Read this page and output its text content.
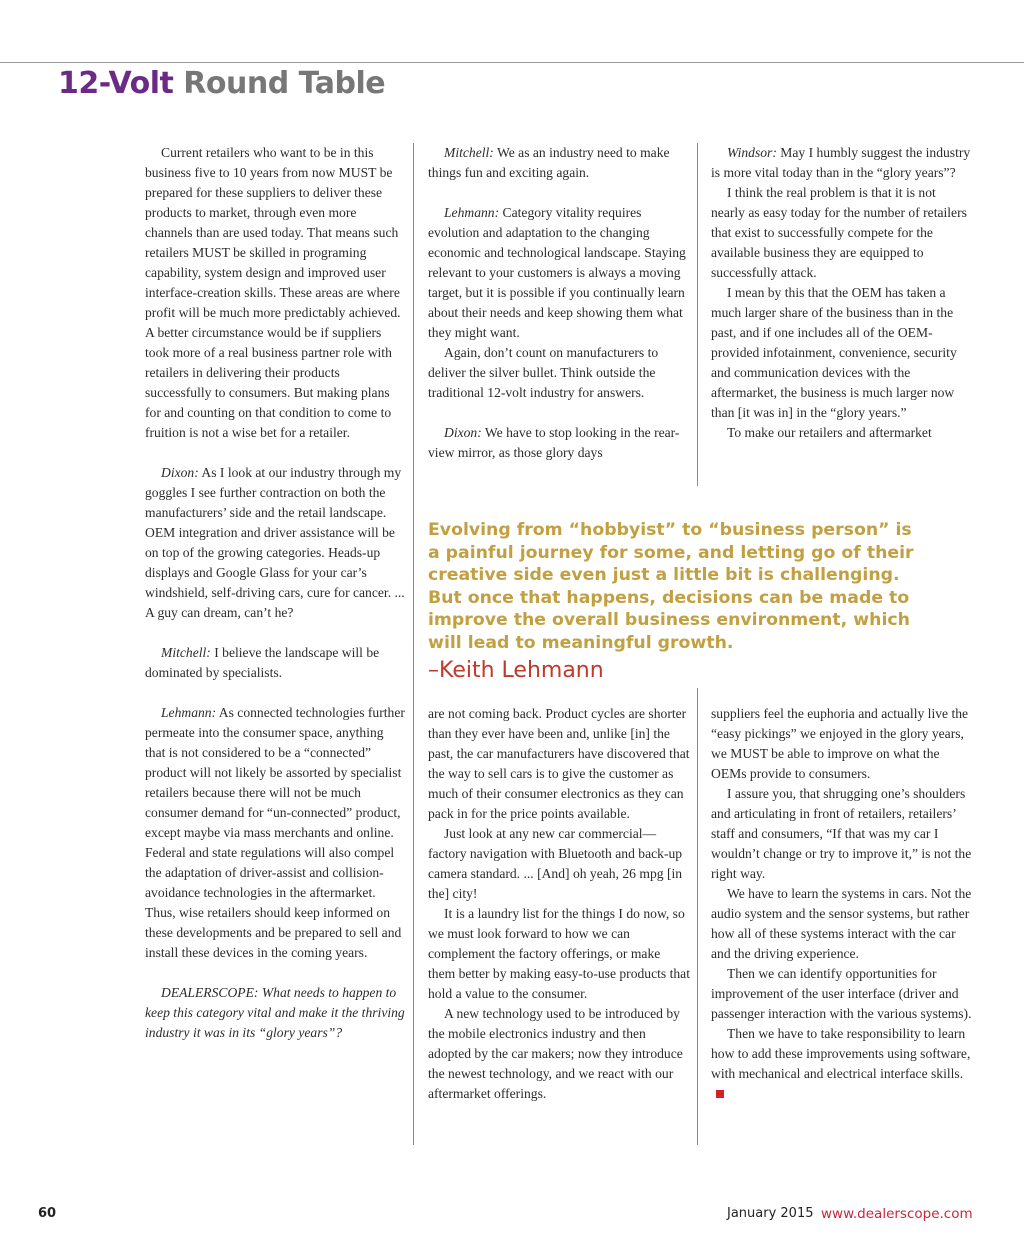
12-Volt Round Table

Current retailers who want to be in this business five to 10 years from now MUST be prepared for these suppliers to deliver these products to market, through even more channels than are used today. That means such retailers MUST be skilled in programing capability, system design and improved user interface-creation skills. These areas are where profit will be much more predictably achieved. A better circumstance would be if suppliers took more of a real business partner role with retailers in delivering their products successfully to consumers. But making plans for and counting on that condition to come to fruition is not a wise bet for a retailer.

Dixon: As I look at our industry through my goggles I see further contraction on both the manufacturers’ side and the retail landscape. OEM integration and driver assistance will be on top of the growing categories. Heads-up displays and Google Glass for your car’s windshield, self-driving cars, cure for cancer. ... A guy can dream, can’t he?

Mitchell: I believe the landscape will be dominated by specialists.

Lehmann: As connected technologies further permeate into the consumer space, anything that is not considered to be a “connected” product will not likely be assorted by specialist retailers because there will not be much consumer demand for “un-connected” product, except maybe via mass merchants and online. Federal and state regulations will also compel the adaptation of driver-assist and collision-avoidance technologies in the aftermarket. Thus, wise retailers should keep informed on these developments and be prepared to sell and install these devices in the coming years.

DEALERSCOPE: What needs to happen to keep this category vital and make it the thriving industry it was in its “glory years”?

Mitchell: We as an industry need to make things fun and exciting again.

Lehmann: Category vitality requires evolution and adaptation to the changing economic and technological landscape. Staying relevant to your customers is always a moving target, but it is possible if you continually learn about their needs and keep showing them what they might want.

Again, don’t count on manufacturers to deliver the silver bullet. Think outside the traditional 12-volt industry for answers.

Dixon: We have to stop looking in the rear-view mirror, as those glory days

Windsor: May I humbly suggest the industry is more vital today than in the “glory years”?

I think the real problem is that it is not nearly as easy today for the number of retailers that exist to successfully compete for the available business they are equipped to successfully attack.

I mean by this that the OEM has taken a much larger share of the business than in the past, and if one includes all of the OEM-provided infotainment, convenience, security and communication devices with the aftermarket, the business is much larger now than [it was in] in the “glory years.”

To make our retailers and aftermarket

Evolving from “hobbyist” to “business person” is
a painful journey for some, and letting go of their
creative side even just a little bit is challenging.
But once that happens, decisions can be made to
improve the overall business environment, which
will lead to meaningful growth.
–Keith Lehmann

are not coming back. Product cycles are shorter than they ever have been and, unlike [in] the past, the car manufacturers have discovered that the way to sell cars is to give the customer as much of their consumer electronics as they can pack in for the price points available.

Just look at any new car commercial— factory navigation with Bluetooth and back-up camera standard. ... [And] oh yeah, 26 mpg [in the] city!

It is a laundry list for the things I do now, so we must look forward to how we can complement the factory offerings, or make them better by making easy-to-use products that hold a value to the consumer.

A new technology used to be introduced by the mobile electronics industry and then adopted by the car makers; now they introduce the newest technology, and we react with our aftermarket offerings.

suppliers feel the euphoria and actually live the “easy pickings” we enjoyed in the glory years, we MUST be able to improve on what the OEMs provide to consumers.

I assure you, that shrugging one’s shoulders and articulating in front of retailers, retailers’ staff and consumers, “If that was my car I wouldn’t change or try to improve it,” is not the right way.

We have to learn the systems in cars. Not the audio system and the sensor systems, but rather how all of these systems interact with the car and the driving experience.

Then we can identify opportunities for improvement of the user interface (driver and passenger interaction with the various systems).

Then we have to take responsibility to learn how to add these improvements using software, with mechanical and electrical interface skills.

60	January 2015 www.dealerscope.com
